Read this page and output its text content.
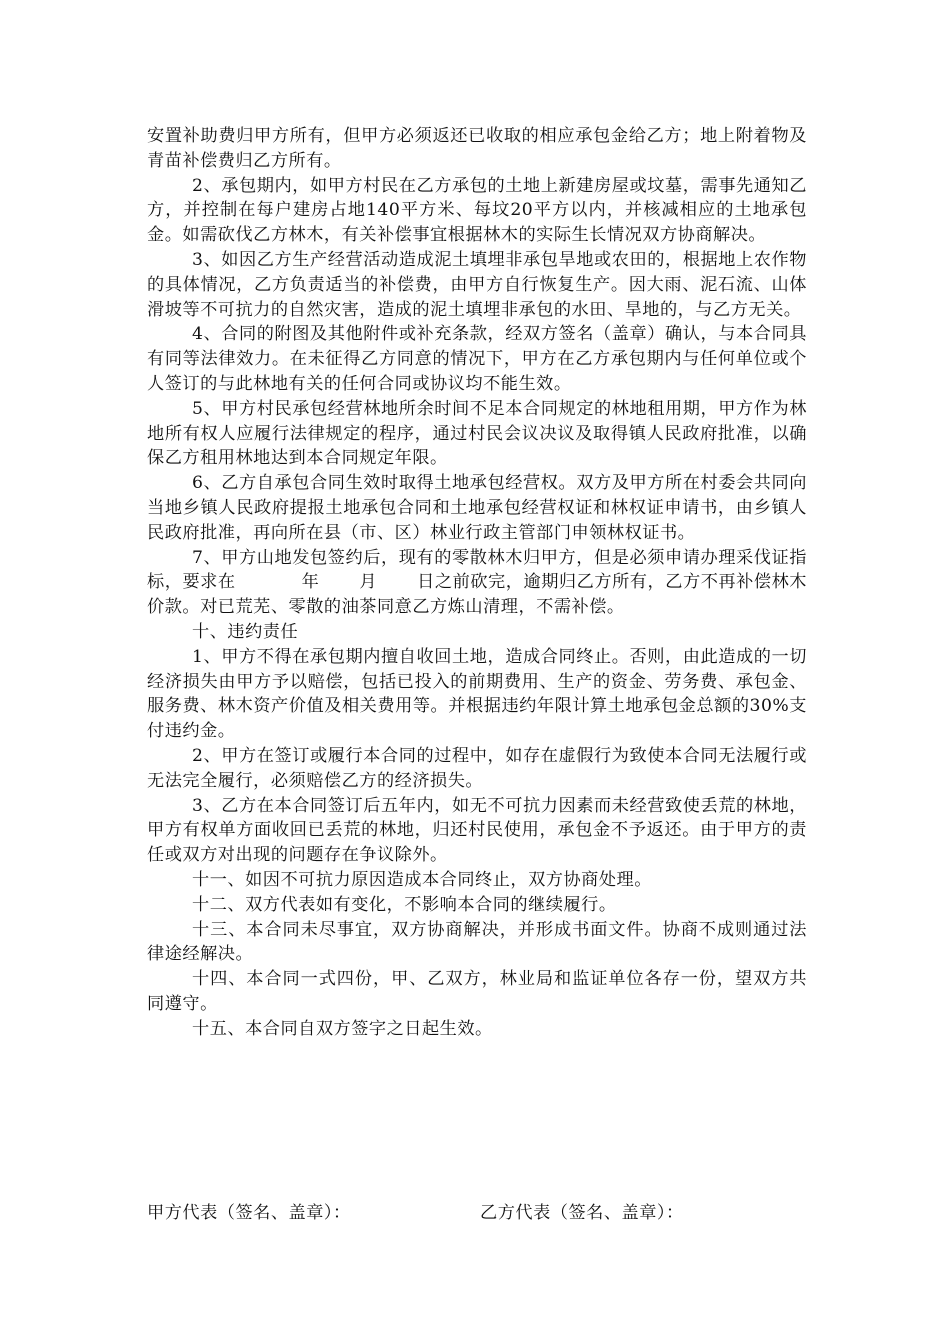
安置补助费归甲方所有，但甲方必须返还已收取的相应承包金给乙方；地上附着物及青苗补偿费归乙方所有。

2、承包期内，如甲方村民在乙方承包的土地上新建房屋或坟墓，需事先通知乙方，并控制在每户建房占地140平方米、每坟20平方以内，并核减相应的土地承包金。如需砍伐乙方林木，有关补偿事宜根据林木的实际生长情况双方协商解决。

3、如因乙方生产经营活动造成泥土填埋非承包旱地或农田的，根据地上农作物的具体情况，乙方负责适当的补偿费，由甲方自行恢复生产。因大雨、泥石流、山体滑坡等不可抗力的自然灾害，造成的泥土填埋非承包的水田、旱地的，与乙方无关。

4、合同的附图及其他附件或补充条款，经双方签名（盖章）确认，与本合同具有同等法律效力。在未征得乙方同意的情况下，甲方在乙方承包期内与任何单位或个人签订的与此林地有关的任何合同或协议均不能生效。

5、甲方村民承包经营林地所余时间不足本合同规定的林地租用期，甲方作为林地所有权人应履行法律规定的程序，通过村民会议决议及取得镇人民政府批准，以确保乙方租用林地达到本合同规定年限。

6、乙方自承包合同生效时取得土地承包经营权。双方及甲方所在村委会共同向当地乡镇人民政府提报土地承包合同和土地承包经营权证和林权证申请书，由乡镇人民政府批准，再向所在县（市、区）林业行政主管部门申领林权证书。

7、甲方山地发包签约后，现有的零散林木归甲方，但是必须申请办理采伐证指标，要求在	年 月 日之前砍完，逾期归乙方所有，乙方不再补偿林木价款。对已荒芜、零散的油茶同意乙方炼山清理，不需补偿。

十、违约责任

1、甲方不得在承包期内擅自收回土地，造成合同终止。否则，由此造成的一切经济损失由甲方予以赔偿，包括已投入的前期费用、生产的资金、劳务费、承包金、服务费、林木资产价值及相关费用等。并根据违约年限计算土地承包金总额的30%支付违约金。

2、甲方在签订或履行本合同的过程中，如存在虚假行为致使本合同无法履行或无法完全履行，必须赔偿乙方的经济损失。

3、乙方在本合同签订后五年内，如无不可抗力因素而未经营致使丢荒的林地，甲方有权单方面收回已丢荒的林地，归还村民使用，承包金不予返还。由于甲方的责任或双方对出现的问题存在争议除外。

十一、如因不可抗力原因造成本合同终止，双方协商处理。

十二、双方代表如有变化，不影响本合同的继续履行。

十三、本合同未尽事宜，双方协商解决，并形成书面文件。协商不成则通过法律途经解决。

十四、本合同一式四份，甲、乙双方，林业局和监证单位各存一份，望双方共同遵守。

十五、本合同自双方签字之日起生效。

甲方代表（签名、盖章）：	乙方代表（签名、盖章）：
